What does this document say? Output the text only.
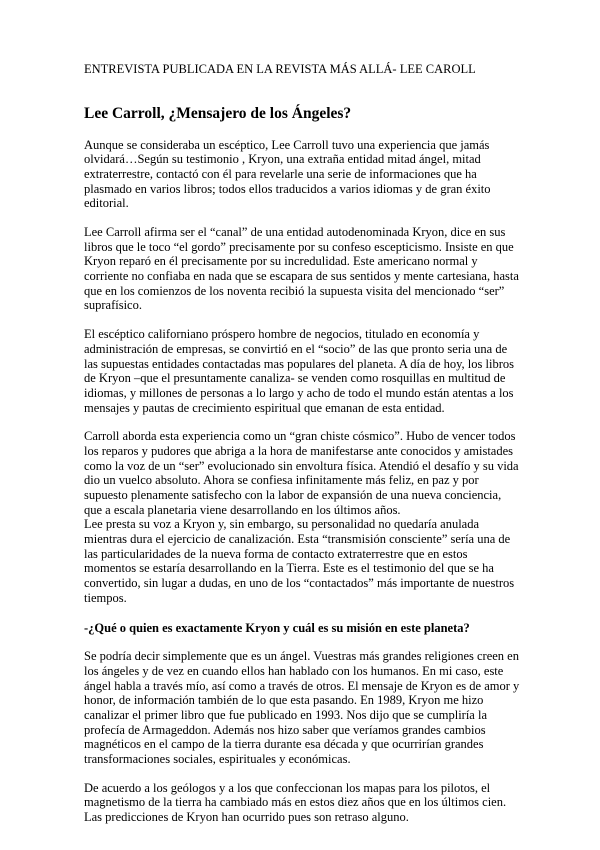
ENTREVISTA PUBLICADA EN LA REVISTA MÁS ALLÁ- LEE CAROLL
Lee Carroll, ¿Mensajero de los Ángeles?

Aunque se consideraba un escéptico, Lee Carroll tuvo una experiencia que jamás olvidará…Según su testimonio , Kryon, una extraña entidad mitad ángel, mitad extraterrestre, contactó con él para revelarle una serie de informaciones que ha plasmado en varios libros; todos ellos traducidos a varios idiomas y de gran éxito editorial.

Lee Carroll afirma ser el “canal” de una entidad autodenominada Kryon, dice en sus libros que le toco “el gordo” precisamente por su confeso escepticismo. Insiste en que Kryon reparó en él precisamente por su incredulidad. Este americano normal y corriente no confiaba en nada que se escapara de sus sentidos y mente cartesiana, hasta que en los comienzos de los noventa recibió la supuesta visita del mencionado “ser” suprafísico.

El escéptico californiano próspero hombre de negocios, titulado en economía y administración de empresas, se convirtió en el “socio” de las que pronto seria una de las supuestas entidades contactadas mas populares del planeta. A día de hoy, los libros de Kryon –que el presuntamente canaliza- se venden como rosquillas en multitud de idiomas, y millones de personas a lo largo y acho de todo el mundo están atentas a los mensajes y pautas de crecimiento espiritual que emanan de esta entidad.

Carroll aborda esta experiencia como un “gran chiste cósmico”. Hubo de vencer todos los reparos y pudores que abriga a la hora de manifestarse ante conocidos y amistades como la voz de un “ser” evolucionado sin envoltura física. Atendió el desafío y su vida dio un vuelco absoluto. Ahora se confiesa infinitamente más feliz, en paz y por supuesto plenamente satisfecho con la labor de expansión de una nueva conciencia, que a escala planetaria viene desarrollando en los últimos años.

Lee presta su voz a Kryon y, sin embargo, su personalidad no quedaría anulada mientras dura el ejercicio de canalización. Esta “transmisión consciente” sería una de las particularidades de la nueva forma de contacto extraterrestre que en estos momentos se estaría desarrollando en la Tierra. Este es el testimonio del que se ha convertido, sin lugar a dudas, en uno de los “contactados” más importante de nuestros tiempos.

-¿Qué o quien es exactamente Kryon y cuál es su misión en este planeta?

Se podría decir simplemente que es un ángel. Vuestras más grandes religiones creen en los ángeles y de vez en cuando ellos han hablado con los humanos. En mi caso, este ángel habla a través mío, así como a través de otros. El mensaje de Kryon es de amor y honor, de información también de lo que esta pasando. En 1989, Kryon me hizo canalizar el primer libro que fue publicado en 1993. Nos dijo que se cumpliría la profecía de Armageddon. Además nos hizo saber que veríamos grandes cambios magnéticos en el campo de la tierra durante esa década y que ocurrirían grandes transformaciones sociales, espirituales y económicas.

De acuerdo a los geólogos y a los que confeccionan los mapas para los pilotos, el magnetismo de la tierra ha cambiado más en estos diez años que en los últimos cien. Las predicciones de Kryon han ocurrido pues son retraso alguno.
